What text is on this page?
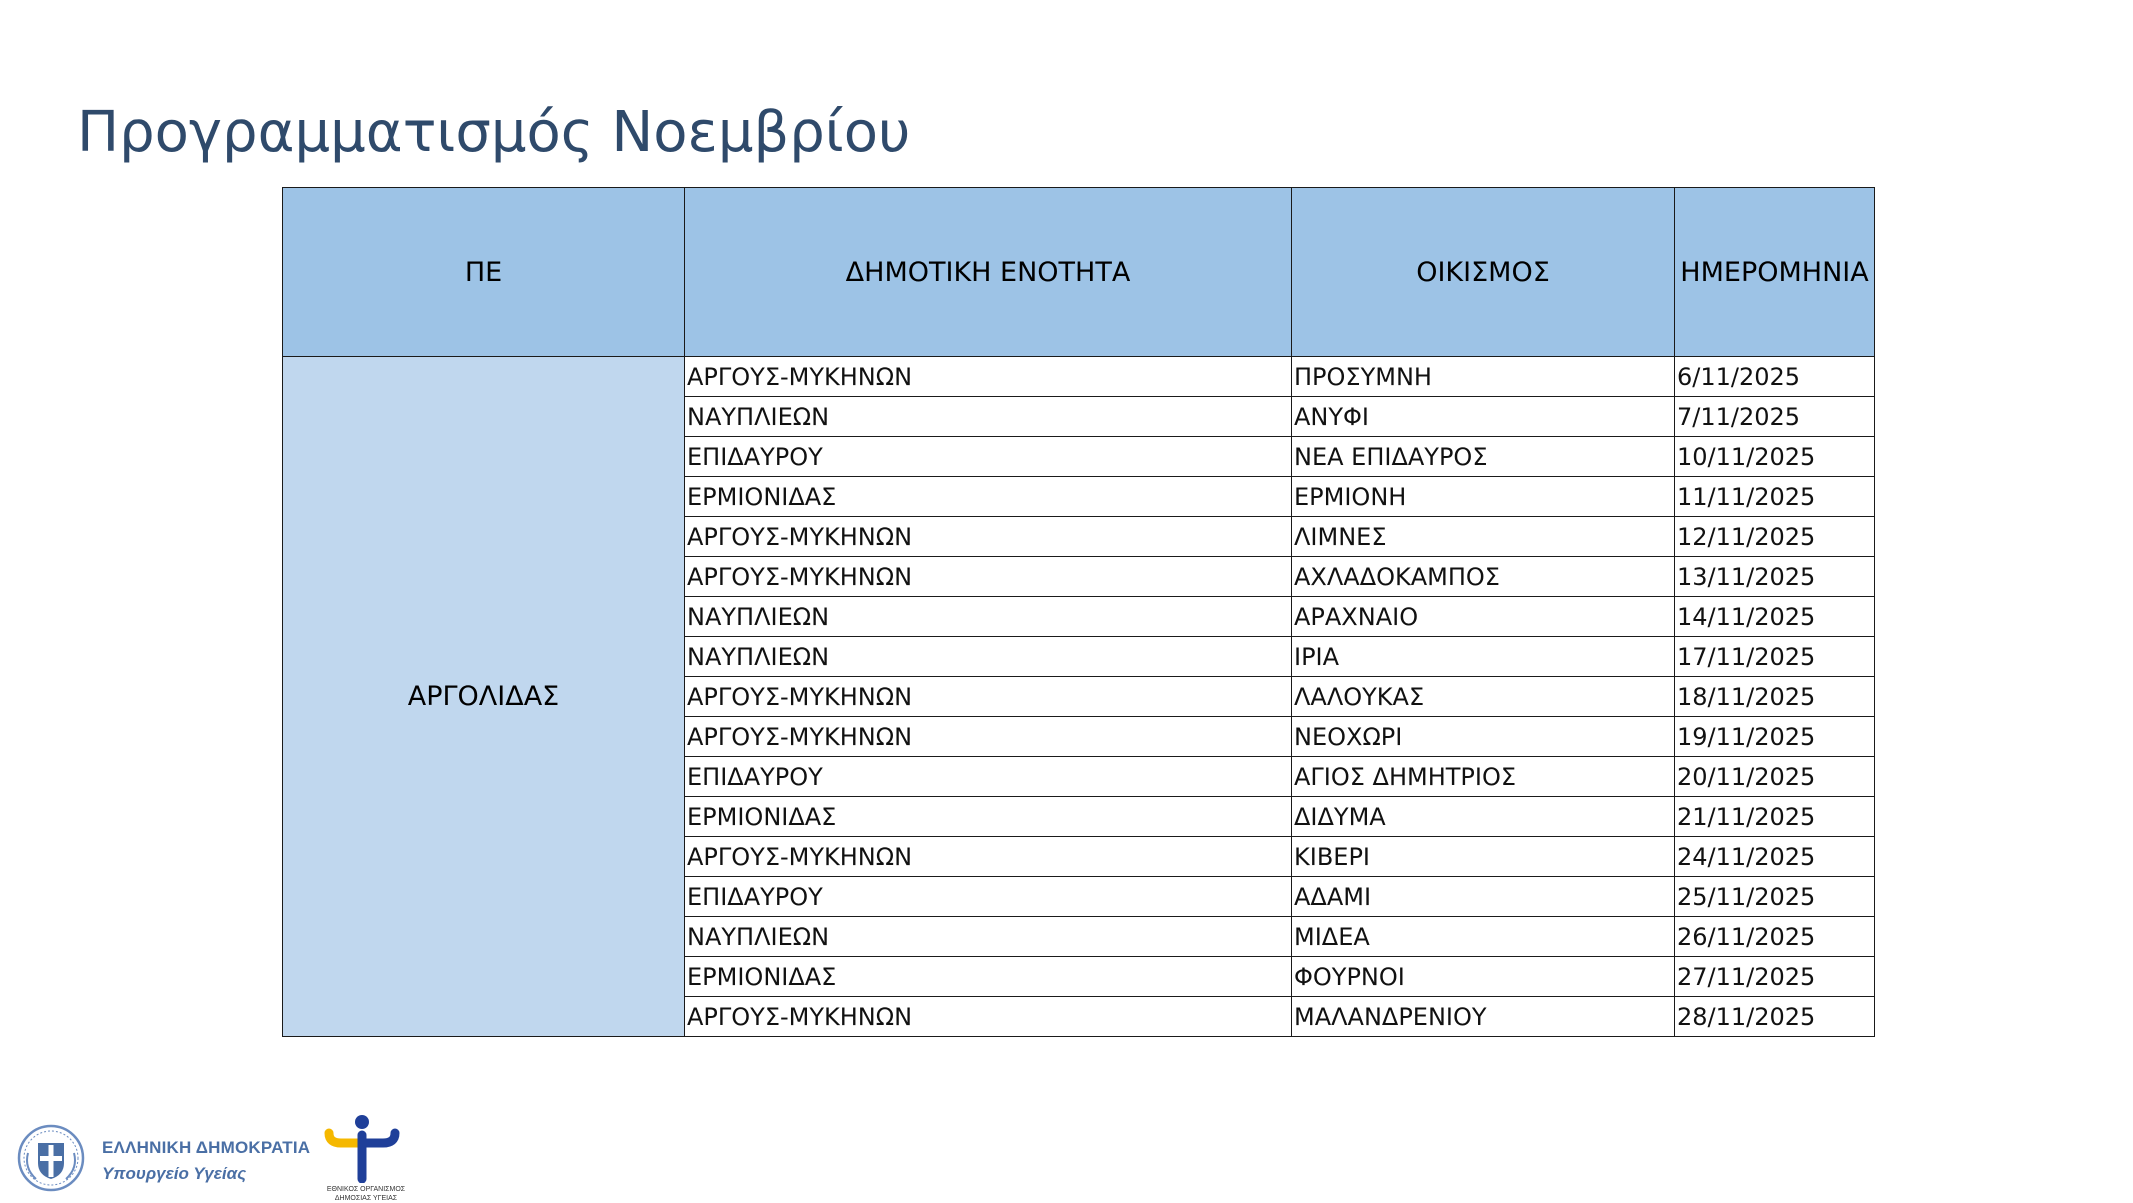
Προγραμματισμός Νοεμβρίου
ΠΕ	ΔΗΜΟΤΙΚΗ ΕΝΟΤΗΤΑ	ΟΙΚΙΣΜΟΣ	ΗΜΕΡΟΜΗΝΙΑ
ΑΡΓΟΛΙΔΑΣ	ΑΡΓΟΥΣ-ΜΥΚΗΝΩΝ	ΠΡΟΣΥΜΝΗ	6/11/2025
	ΝΑΥΠΛΙΕΩΝ	ΑΝΥΦΙ	7/11/2025
	ΕΠΙΔΑΥΡΟΥ	ΝΕΑ ΕΠΙΔΑΥΡΟΣ	10/11/2025
	ΕΡΜΙΟΝΙΔΑΣ	ΕΡΜΙΟΝΗ	11/11/2025
	ΑΡΓΟΥΣ-ΜΥΚΗΝΩΝ	ΛΙΜΝΕΣ	12/11/2025
	ΑΡΓΟΥΣ-ΜΥΚΗΝΩΝ	ΑΧΛΑΔΟΚΑΜΠΟΣ	13/11/2025
	ΝΑΥΠΛΙΕΩΝ	ΑΡΑΧΝΑΙΟ	14/11/2025
	ΝΑΥΠΛΙΕΩΝ	ΙΡΙΑ	17/11/2025
	ΑΡΓΟΥΣ-ΜΥΚΗΝΩΝ	ΛΑΛΟΥΚΑΣ	18/11/2025
	ΑΡΓΟΥΣ-ΜΥΚΗΝΩΝ	ΝΕΟΧΩΡΙ	19/11/2025
	ΕΠΙΔΑΥΡΟΥ	ΑΓΙΟΣ ΔΗΜΗΤΡΙΟΣ	20/11/2025
	ΕΡΜΙΟΝΙΔΑΣ	ΔΙΔΥΜΑ	21/11/2025
	ΑΡΓΟΥΣ-ΜΥΚΗΝΩΝ	ΚΙΒΕΡΙ	24/11/2025
	ΕΠΙΔΑΥΡΟΥ	ΑΔΑΜΙ	25/11/2025
	ΝΑΥΠΛΙΕΩΝ	ΜΙΔΕΑ	26/11/2025
	ΕΡΜΙΟΝΙΔΑΣ	ΦΟΥΡΝΟΙ	27/11/2025
	ΑΡΓΟΥΣ-ΜΥΚΗΝΩΝ	ΜΑΛΑΝΔΡΕΝΙΟΥ	28/11/2025
ΕΛΛΗΝΙΚΗ ΔΗΜΟΚΡΑΤΙΑ
Υπουργείο Υγείας
ΕΘΝΙΚΟΣ ΟΡΓΑΝΙΣΜΟΣ ΔΗΜΟΣΙΑΣ ΥΓΕΙΑΣ
